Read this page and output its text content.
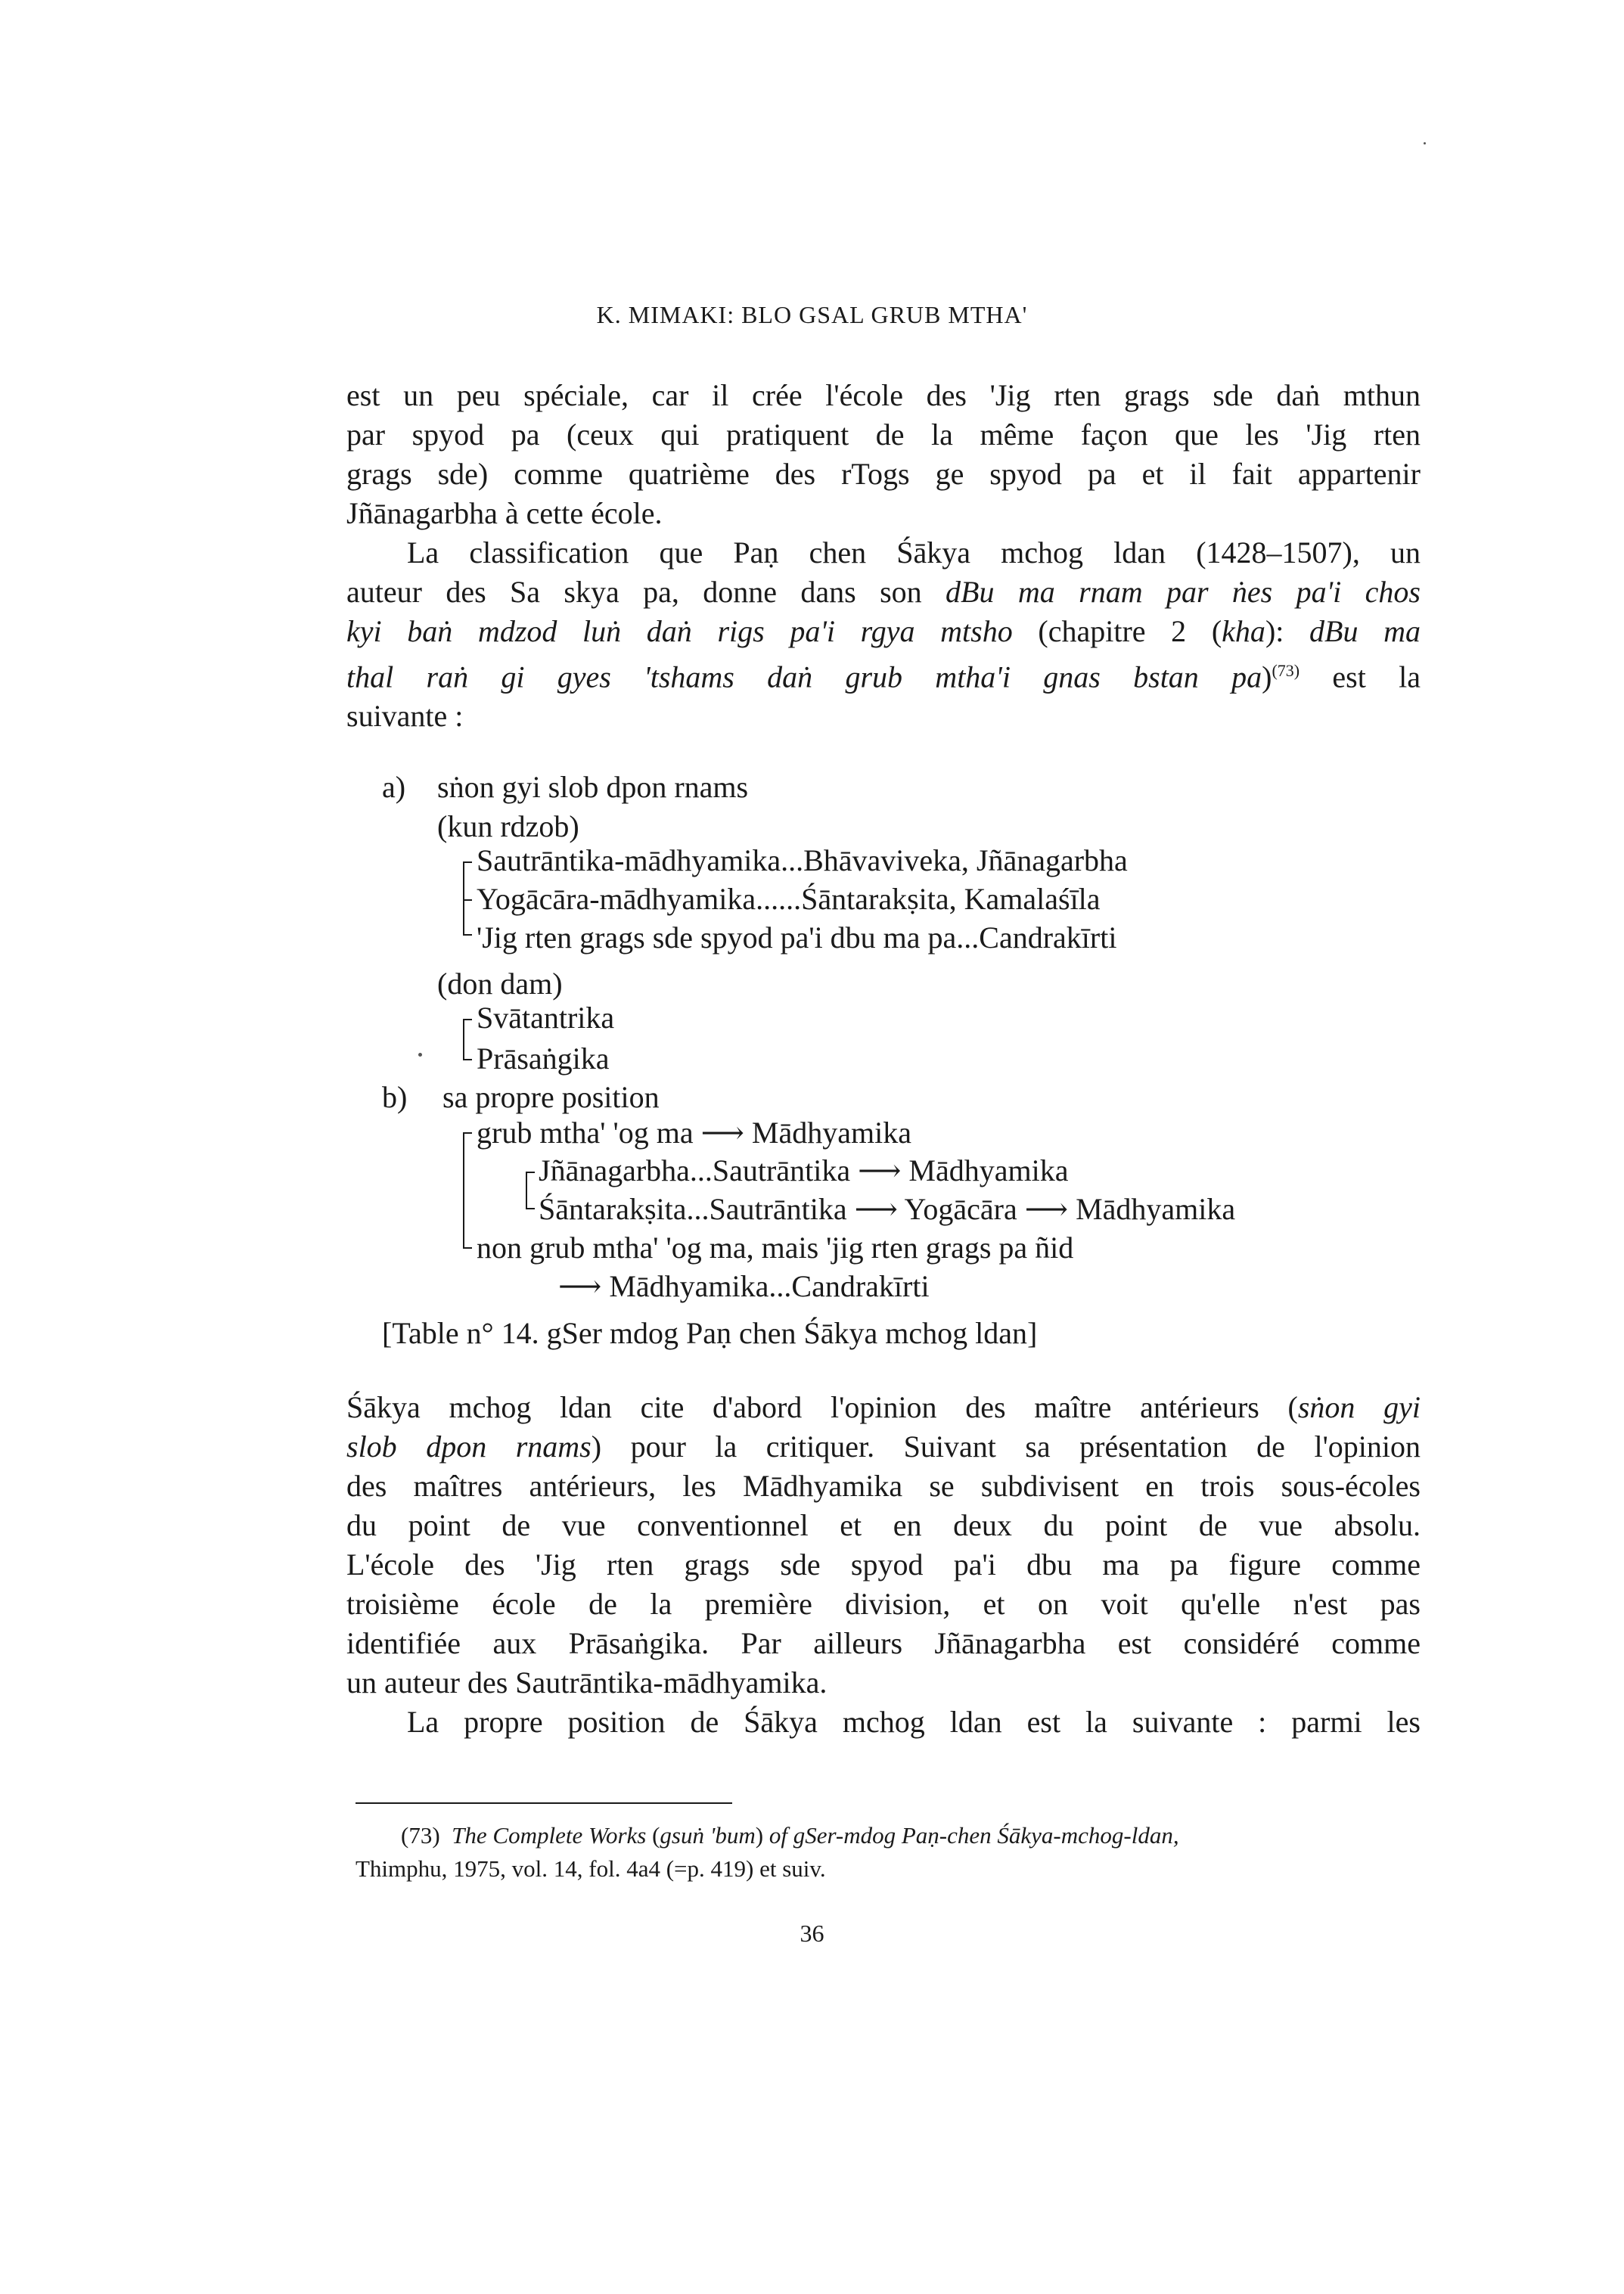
K. MIMAKI: BLO GSAL GRUB MTHA'
est un peu spéciale, car il crée l'école des 'Jig rten grags sde daṅ mthun
par spyod pa (ceux qui pratiquent de la même façon que les 'Jig rten
grags sde) comme quatrième des rTogs ge spyod pa et il fait appartenir
Jñānagarbha à cette école.
La classification que Paṇ chen Śākya mchog ldan (1428–1507), un
auteur des Sa skya pa, donne dans son dBu ma rnam par ṅes pa'i chos
kyi baṅ mdzod luṅ daṅ rigs pa'i rgya mtsho (chapitre 2 (kha): dBu ma
thal raṅ gi gyes 'tshams daṅ grub mtha'i gnas bstan pa)$^{(73)}$ est la
suivante :
a) sṅon gyi slob dpon rnams
(kun rdzob)
Sautrāntika-mādhyamika...Bhāvaviveka, Jñānagarbha
Yogācāra-mādhyamika......Śāntarakṣita, Kamalaśīla
'Jig rten grags sde spyod pa'i dbu ma pa...Candrakīrti
(don dam)
Svātantrika
Prāsaṅgika
b) sa propre position
grub mtha' 'og ma ⟶ Mādhyamika
Jñānagarbha...Sautrāntika ⟶ Mādhyamika
Śāntarakṣita...Sautrāntika ⟶ Yogācāra ⟶ Mādhyamika
non grub mtha' 'og ma, mais 'jig rten grags pa ñid
⟶ Mādhyamika...Candrakīrti
[Table n° 14. gSer mdog Paṇ chen Śākya mchog ldan]
Śākya mchog ldan cite d'abord l'opinion des maître antérieurs (sṅon gyi
slob dpon rnams) pour la critiquer. Suivant sa présentation de l'opinion
des maîtres antérieurs, les Mādhyamika se subdivisent en trois sous-écoles
du point de vue conventionnel et en deux du point de vue absolu.
L'école des 'Jig rten grags sde spyod pa'i dbu ma pa figure comme
troisième école de la première division, et on voit qu'elle n'est pas
identifiée aux Prāsaṅgika. Par ailleurs Jñānagarbha est considéré comme
un auteur des Sautrāntika-mādhyamika.
La propre position de Śākya mchog ldan est la suivante : parmi les
(73) The Complete Works (gsuṅ 'bum) of gSer-mdog Paṇ-chen Śākya-mchog-ldan,
Thimphu, 1975, vol. 14, fol. 4a4 (=p. 419) et suiv.
36
